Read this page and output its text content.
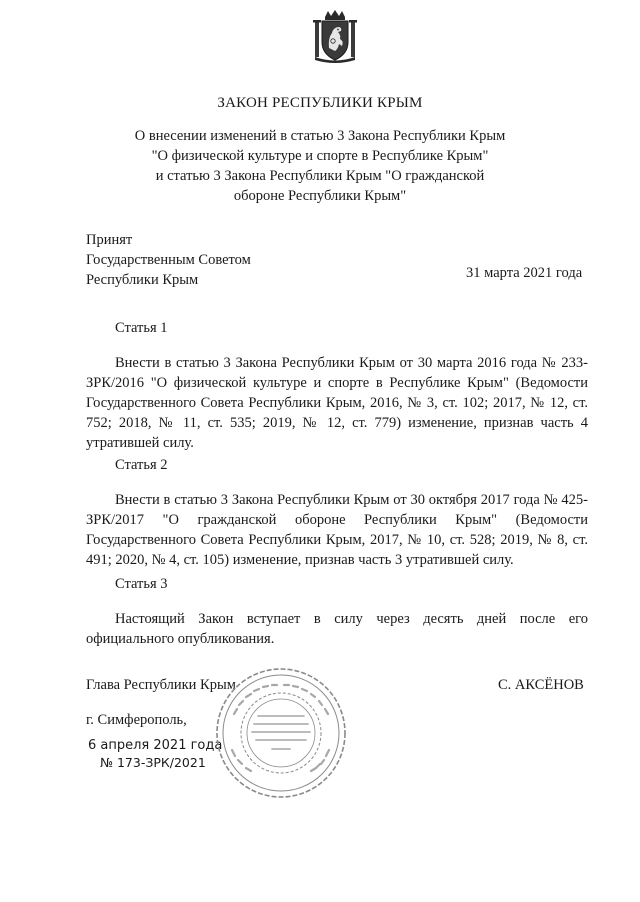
ЗАКОН РЕСПУБЛИКИ КРЫМ
О внесении изменений в статью 3 Закона Республики Крым
"О физической культуре и спорте в Республике Крым"
и статью 3 Закона Республики Крым "О гражданской
обороне Республики Крым"
Принят
Государственным Советом
Республики Крым	31 марта 2021 года
Статья 1
Внести в статью 3 Закона Республики Крым от 30 марта 2016 года № 233-ЗРК/2016 "О физической культуре и спорте в Республике Крым" (Ведомости Государственного Совета Республики Крым, 2016, № 3, ст. 102; 2017, № 12, ст. 752; 2018, № 11, ст. 535; 2019, № 12, ст. 779) изменение, признав часть 4 утратившей силу.
Статья 2
Внести в статью 3 Закона Республики Крым от 30 октября 2017 года № 425-ЗРК/2017 "О гражданской обороне Республики Крым" (Ведомости Государственного Совета Республики Крым, 2017, № 10, ст. 528; 2019, № 8, ст. 491; 2020, № 4, ст. 105) изменение, признав часть 3 утратившей силу.
Статья 3
Настоящий Закон вступает в силу через десять дней после его официального опубликования.
Глава Республики Крым	С. АКСЁНОВ
г. Симферополь,
6 апреля 2021 года
№ 173-ЗРК/2021
